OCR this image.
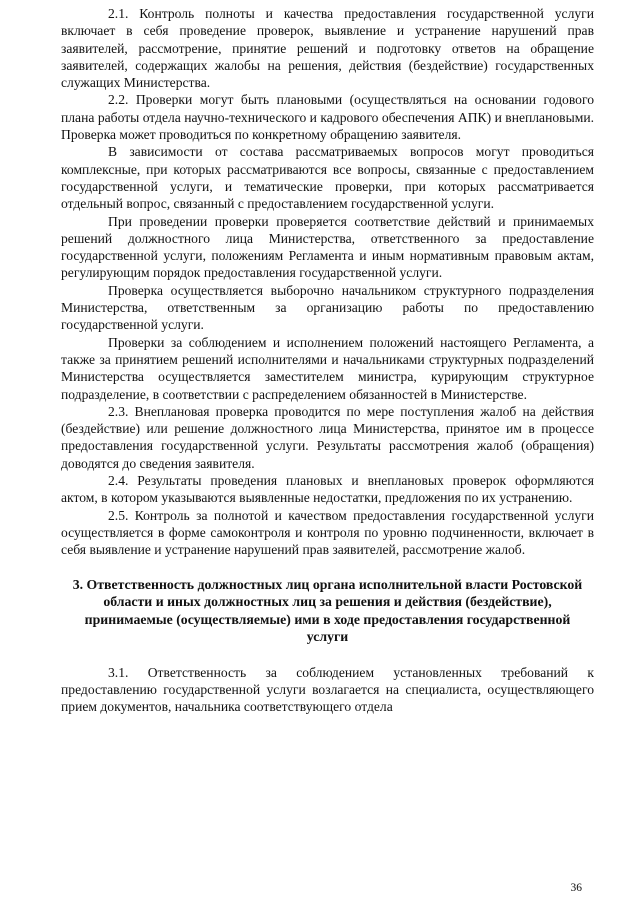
2.1. Контроль полноты и качества предоставления государственной услуги включает в себя проведение проверок, выявление и устранение нарушений прав заявителей, рассмотрение, принятие решений и подготовку ответов на обращение заявителей, содержащих жалобы на решения, действия (бездействие) государственных служащих Министерства.

2.2. Проверки могут быть плановыми (осуществляться на основании годового плана работы отдела научно-технического и кадрового обеспечения АПК) и внеплановыми. Проверка может проводиться по конкретному обращению заявителя.

В зависимости от состава рассматриваемых вопросов могут проводиться комплексные, при которых рассматриваются все вопросы, связанные с предоставлением государственной услуги, и тематические проверки, при которых рассматривается отдельный вопрос, связанный с предоставлением государственной услуги.

При проведении проверки проверяется соответствие действий и принимаемых решений должностного лица Министерства, ответственного за предоставление государственной услуги, положениям Регламента и иным нормативным правовым актам, регулирующим порядок предоставления государственной услуги.

Проверка осуществляется выборочно начальником структурного подразделения Министерства, ответственным за организацию работы по предоставлению государственной услуги.

Проверки за соблюдением и исполнением положений настоящего Регламента, а также за принятием решений исполнителями и начальниками структурных подразделений Министерства осуществляется заместителем министра, курирующим структурное подразделение, в соответствии с распределением обязанностей в Министерстве.

2.3. Внеплановая проверка проводится по мере поступления жалоб на действия (бездействие) или решение должностного лица Министерства, принятое им в процессе предоставления государственной услуги. Результаты рассмотрения жалоб (обращения) доводятся до сведения заявителя.

2.4. Результаты проведения плановых и внеплановых проверок оформляются актом, в котором указываются выявленные недостатки, предложения по их устранению.

2.5. Контроль за полнотой и качеством предоставления государственной услуги осуществляется в форме самоконтроля и контроля по уровню подчиненности, включает в себя выявление и устранение нарушений прав заявителей, рассмотрение жалоб.

3. Ответственность должностных лиц органа исполнительной власти Ростовской области и иных должностных лиц за решения и действия (бездействие), принимаемые (осуществляемые) ими в ходе предоставления государственной услуги

3.1. Ответственность за соблюдением установленных требований к предоставлению государственной услуги возлагается на специалиста, осуществляющего прием документов, начальника соответствующего отдела

36
